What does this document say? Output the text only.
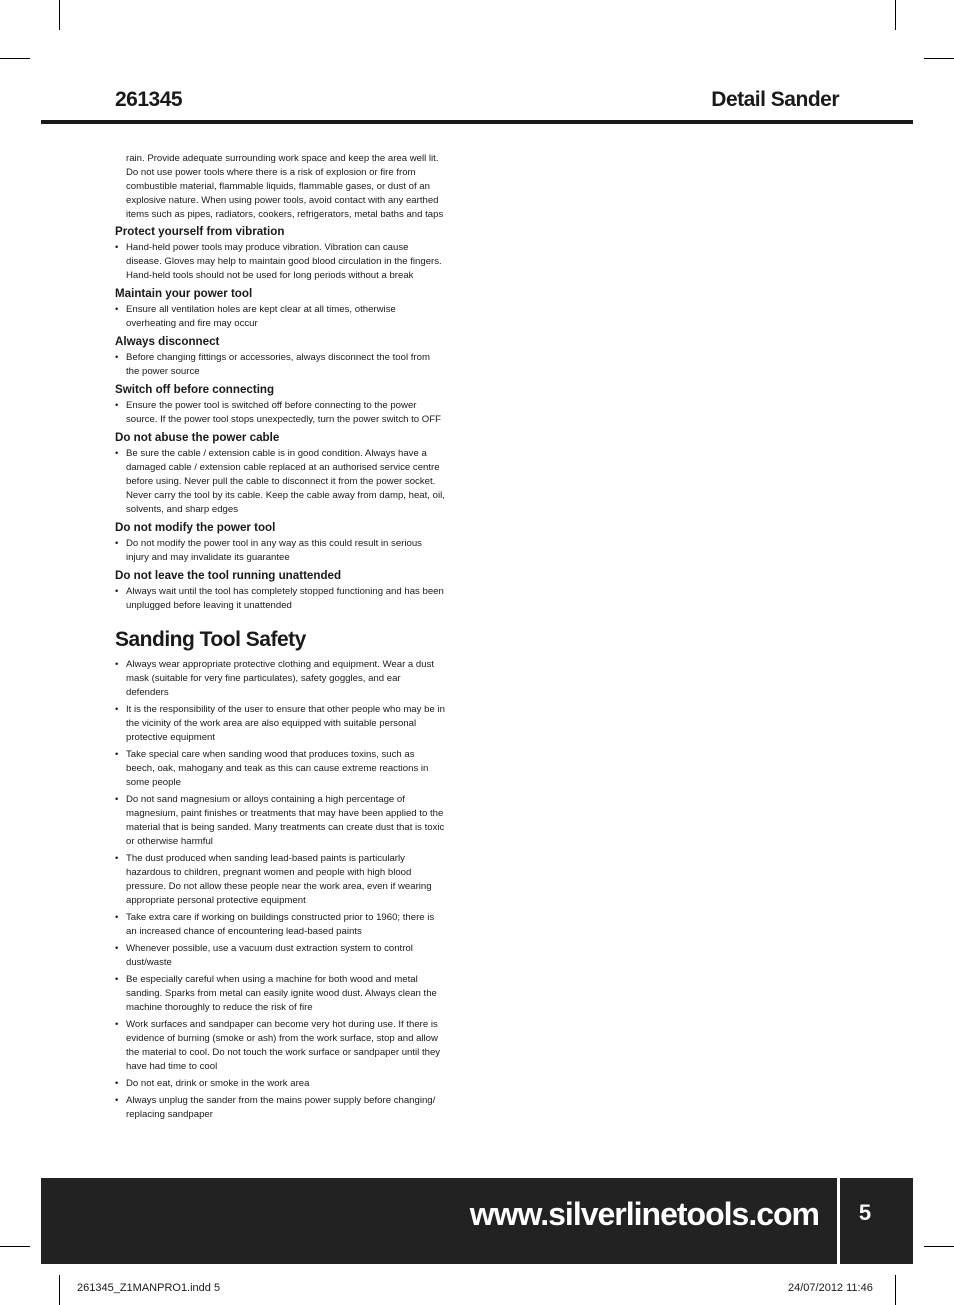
261345	Detail Sander

rain. Provide adequate surrounding work space and keep the area well lit. Do not use power tools where there is a risk of explosion or fire from combustible material, flammable liquids, flammable gases, or dust of an explosive nature. When using power tools, avoid contact with any earthed items such as pipes, radiators, cookers, refrigerators, metal baths and taps

Protect yourself from vibration
• Hand-held power tools may produce vibration. Vibration can cause disease. Gloves may help to maintain good blood circulation in the fingers. Hand-held tools should not be used for long periods without a break
Maintain your power tool
• Ensure all ventilation holes are kept clear at all times, otherwise overheating and fire may occur
Always disconnect
• Before changing fittings or accessories, always disconnect the tool from the power source
Switch off before connecting
• Ensure the power tool is switched off before connecting to the power source. If the power tool stops unexpectedly, turn the power switch to OFF
Do not abuse the power cable
• Be sure the cable / extension cable is in good condition. Always have a damaged cable / extension cable replaced at an authorised service centre before using. Never pull the cable to disconnect it from the power socket. Never carry the tool by its cable. Keep the cable away from damp, heat, oil, solvents, and sharp edges
Do not modify the power tool
• Do not modify the power tool in any way as this could result in serious injury and may invalidate its guarantee
Do not leave the tool running unattended
• Always wait until the tool has completely stopped functioning and has been unplugged before leaving it unattended
Sanding Tool Safety
• Always wear appropriate protective clothing and equipment. Wear a dust mask (suitable for very fine particulates), safety goggles, and ear defenders
• It is the responsibility of the user to ensure that other people who may be in the vicinity of the work area are also equipped with suitable personal protective equipment
• Take special care when sanding wood that produces toxins, such as beech, oak, mahogany and teak as this can cause extreme reactions in some people
• Do not sand magnesium or alloys containing a high percentage of magnesium, paint finishes or treatments that may have been applied to the material that is being sanded. Many treatments can create dust that is toxic or otherwise harmful
• The dust produced when sanding lead-based paints is particularly hazardous to children, pregnant women and people with high blood pressure. Do not allow these people near the work area, even if wearing appropriate personal protective equipment
• Take extra care if working on buildings constructed prior to 1960; there is an increased chance of encountering lead-based paints
• Whenever possible, use a vacuum dust extraction system to control dust/waste
• Be especially careful when using a machine for both wood and metal sanding. Sparks from metal can easily ignite wood dust. Always clean the machine thoroughly to reduce the risk of fire
• Work surfaces and sandpaper can become very hot during use. If there is evidence of burning (smoke or ash) from the work surface, stop and allow the material to cool. Do not touch the work surface or sandpaper until they have had time to cool
• Do not eat, drink or smoke in the work area
• Always unplug the sander from the mains power supply before changing/ replacing sandpaper
www.silverlinetools.com	5
261345_Z1MANPRO1.indd 5	24/07/2012 11:46
